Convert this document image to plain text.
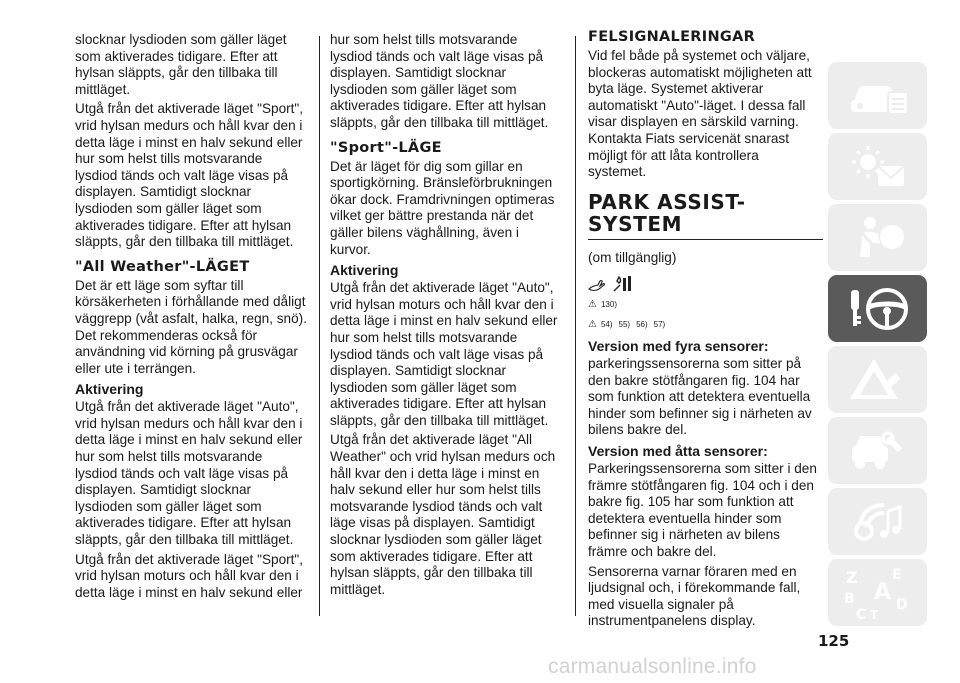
slocknar lysdioden som gäller läget som aktiverades tidigare. Efter att hylsan släppts, går den tillbaka till mittläget.

Utgå från det aktiverade läget "Sport", vrid hylsan medurs och håll kvar den i detta läge i minst en halv sekund eller hur som helst tills motsvarande lysdiod tänds och valt läge visas på displayen. Samtidigt slocknar lysdioden som gäller läget som aktiverades tidigare. Efter att hylsan släppts, går den tillbaka till mittläget.

"All Weather"-LÄGET

Det är ett läge som syftar till körsäkerheten i förhållande med dåligt väggrepp (våt asfalt, halka, regn, snö). Det rekommenderas också för användning vid körning på grusvägar eller ute i terrängen.

Aktivering

Utgå från det aktiverade läget "Auto", vrid hylsan medurs och håll kvar den i detta läge i minst en halv sekund eller hur som helst tills motsvarande lysdiod tänds och valt läge visas på displayen. Samtidigt slocknar lysdioden som gäller läget som aktiverades tidigare. Efter att hylsan släppts, går den tillbaka till mittläget.

Utgå från det aktiverade läget "Sport", vrid hylsan moturs och håll kvar den i detta läge i minst en halv sekund eller

hur som helst tills motsvarande lysdiod tänds och valt läge visas på displayen. Samtidigt slocknar lysdioden som gäller läget som aktiverades tidigare. Efter att hylsan släppts, går den tillbaka till mittläget.

"Sport"-LÄGE

Det är läget för dig som gillar en sportigkörning. Bränsleförbrukningen ökar dock. Framdrivningen optimeras vilket ger bättre prestanda när det gäller bilens väghållning, även i kurvor.

Aktivering

Utgå från det aktiverade läget "Auto", vrid hylsan moturs och håll kvar den i detta läge i minst en halv sekund eller hur som helst tills motsvarande lysdiod tänds och valt läge visas på displayen. Samtidigt slocknar lysdioden som gäller läget som aktiverades tidigare. Efter att hylsan släppts, går den tillbaka till mittläget.

Utgå från det aktiverade läget "All Weather" och vrid hylsan medurs och håll kvar den i detta läge i minst en halv sekund eller hur som helst tills motsvarande lysdiod tänds och valt läge visas på displayen. Samtidigt slocknar lysdioden som gäller läget som aktiverades tidigare. Efter att hylsan släppts, går den tillbaka till mittläget.

FELSIGNALERINGAR

Vid fel både på systemet och väljare, blockeras automatiskt möjligheten att byta läge. Systemet aktiverar automatiskt "Auto"-läget. I dessa fall visar displayen en särskild varning. Kontakta Fiats servicenät snarast möjligt för att låta kontrollera systemet.

PARK ASSIST-
SYSTEM

(om tillgänglig)

⚠ 130)
⚠ 54) 55) 56) 57)
Version med fyra sensorer:

parkeringssensorerna som sitter på den bakre stötfångaren fig. 104 har som funktion att detektera eventuella hinder som befinner sig i närheten av bilens bakre del.

Version med åtta sensorer:

Parkeringssensorerna som sitter i den främre stötfångaren fig. 104 och i den bakre fig. 105 har som funktion att detektera eventuella hinder som befinner sig i närheten av bilens främre och bakre del.

Sensorerna varnar föraren med en ljudsignal och, i förekommande fall, med visuella signaler på instrumentpanelens display.

Z E
A
B
C T
D
125
carmanualsonline.info
